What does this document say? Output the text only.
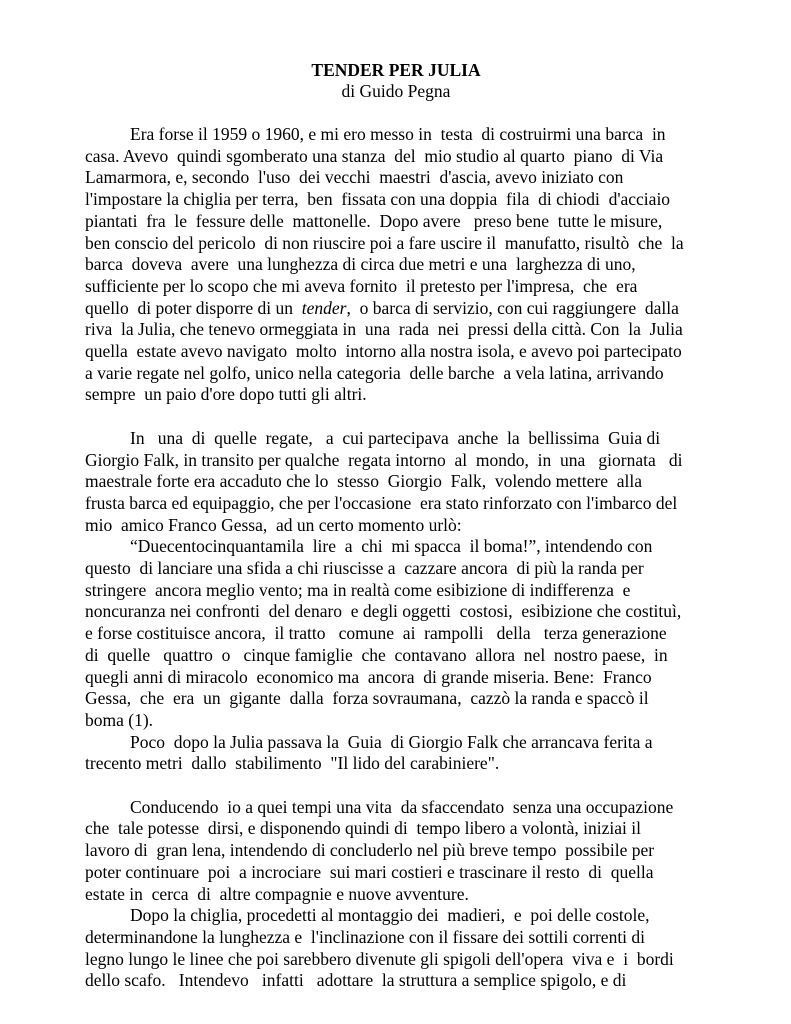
TENDER PER JULIA

di Guido Pegna

Era forse il 1959 o 1960, e mi ero messo in  testa  di costruirmi una barca  in
casa. Avevo  quindi sgomberato una stanza  del  mio studio al quarto  piano  di Via
Lamarmora, e, secondo  l'uso  dei vecchi  maestri  d'ascia, avevo iniziato con
l'impostare la chiglia per terra,  ben  fissata con una doppia  fila  di chiodi  d'acciaio
piantati  fra  le  fessure delle  mattonelle.  Dopo avere   preso bene  tutte le misure,
ben conscio del pericolo  di non riuscire poi a fare uscire il  manufatto, risultò  che  la
barca  doveva  avere  una lunghezza di circa due metri e una  larghezza di uno,
sufficiente per lo scopo che mi aveva fornito  il pretesto per l'impresa,  che  era
quello  di poter disporre di un  tender,  o barca di servizio, con cui raggiungere  dalla
riva  la Julia, che tenevo ormeggiata in  una  rada  nei  pressi della città. Con  la  Julia
quella  estate avevo navigato  molto  intorno alla nostra isola, e avevo poi partecipato
a varie regate nel golfo, unico nella categoria  delle barche  a vela latina, arrivando
sempre  un paio d'ore dopo tutti gli altri.
In   una  di  quelle  regate,   a  cui partecipava  anche  la  bellissima  Guia di
Giorgio Falk, in transito per qualche  regata intorno  al  mondo,  in  una   giornata   di
maestrale forte era accaduto che lo  stesso  Giorgio  Falk,  volendo mettere  alla
frusta barca ed equipaggio, che per l'occasione  era stato rinforzato con l'imbarco del
mio  amico Franco Gessa,  ad un certo momento urlò:
“Duecentocinquantamila  lire  a  chi  mi spacca  il boma!”, intendendo con
questo  di lanciare una sfida a chi riuscisse a  cazzare ancora  di più la randa per
stringere  ancora meglio vento; ma in realtà come esibizione di indifferenza  e
noncuranza nei confronti  del denaro  e degli oggetti  costosi,  esibizione che costituì,
e forse costituisce ancora,  il tratto   comune  ai  rampolli   della   terza generazione
di  quelle   quattro  o   cinque famiglie  che  contavano  allora  nel  nostro paese,  in
quegli anni di miracolo  economico ma  ancora  di grande miseria. Bene:  Franco
Gessa,  che  era  un  gigante  dalla  forza sovraumana,  cazzò la randa e spaccò il
boma (1).
Poco  dopo la Julia passava la  Guia  di Giorgio Falk che arrancava ferita a
trecento metri  dallo  stabilimento  "Il lido del carabiniere".
Conducendo  io a quei tempi una vita  da sfaccendato  senza una occupazione
che  tale potesse  dirsi, e disponendo quindi di  tempo libero a volontà, iniziai il
lavoro di  gran lena, intendendo di concluderlo nel più breve tempo  possibile per
poter continuare  poi  a incrociare  sui mari costieri e trascinare il resto  di  quella
estate in  cerca  di  altre compagnie e nuove avventure.
Dopo la chiglia, procedetti al montaggio dei  madieri,  e  poi delle costole,
determinandone la lunghezza e  l'inclinazione con il fissare dei sottili correnti di
legno lungo le linee che poi sarebbero divenute gli spigoli dell'opera  viva e  i  bordi
dello scafo.   Intendevo   infatti   adottare  la struttura a semplice spigolo, e di
